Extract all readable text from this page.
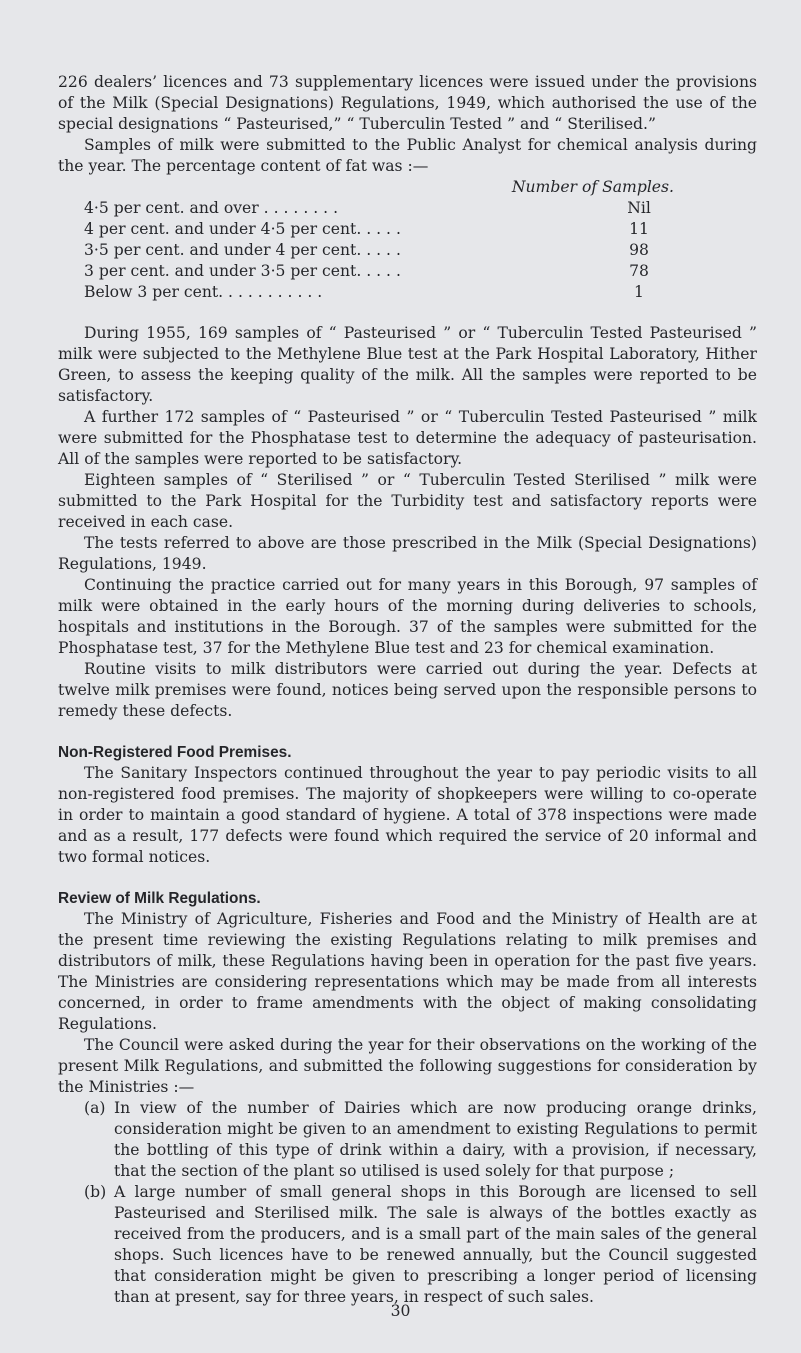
226 dealers’ licences and 73 supplementary licences were issued under the provisions of the Milk (Special Designations) Regulations, 1949, which authorised the use of the special designations “ Pasteurised,” “ Tuberculin Tested ” and “ Sterilised.”

Samples of milk were submitted to the Public Analyst for chemical analysis during the year. The percentage content of fat was :—

Number of Samples.
4·5 per cent. and over . . . . . . . .	Nil
4 per cent. and under 4·5 per cent. . . . .	11
3·5 per cent. and under 4 per cent. . . . .	98
3 per cent. and under 3·5 per cent. . . . .	78
Below 3 per cent. . . . . . . . . . .	1

During 1955, 169 samples of “ Pasteurised ” or “ Tuberculin Tested Pasteurised ” milk were subjected to the Methylene Blue test at the Park Hospital Laboratory, Hither Green, to assess the keeping quality of the milk. All the samples were reported to be satisfactory.

A further 172 samples of “ Pasteurised ” or “ Tuberculin Tested Pasteurised ” milk were submitted for the Phosphatase test to determine the adequacy of pasteurisation. All of the samples were reported to be satisfactory.

Eighteen samples of “ Sterilised ” or “ Tuberculin Tested Sterilised ” milk were submitted to the Park Hospital for the Turbidity test and satisfactory reports were received in each case.

The tests referred to above are those prescribed in the Milk (Special Designations) Regulations, 1949.

Continuing the practice carried out for many years in this Borough, 97 samples of milk were obtained in the early hours of the morning during deliveries to schools, hospitals and institutions in the Borough. 37 of the samples were submitted for the Phosphatase test, 37 for the Methylene Blue test and 23 for chemical examination.

Routine visits to milk distributors were carried out during the year. Defects at twelve milk premises were found, notices being served upon the responsible persons to remedy these defects.

Non-Registered Food Premises.

The Sanitary Inspectors continued throughout the year to pay periodic visits to all non-registered food premises. The majority of shopkeepers were willing to co-operate in order to maintain a good standard of hygiene. A total of 378 inspections were made and as a result, 177 defects were found which required the service of 20 informal and two formal notices.

Review of Milk Regulations.

The Ministry of Agriculture, Fisheries and Food and the Ministry of Health are at the present time reviewing the existing Regulations relating to milk premises and distributors of milk, these Regulations having been in operation for the past five years. The Ministries are considering representations which may be made from all interests concerned, in order to frame amendments with the object of making consolidating Regulations.

The Council were asked during the year for their observations on the working of the present Milk Regulations, and submitted the following suggestions for consideration by the Ministries :—

(a) In view of the number of Dairies which are now producing orange drinks, consideration might be given to an amendment to existing Regulations to permit the bottling of this type of drink within a dairy, with a provision, if necessary, that the section of the plant so utilised is used solely for that purpose ;
(b) A large number of small general shops in this Borough are licensed to sell Pasteurised and Sterilised milk. The sale is always of the bottles exactly as received from the producers, and is a small part of the main sales of the general shops. Such licences have to be renewed annually, but the Council suggested that consideration might be given to prescribing a longer period of licensing than at present, say for three years, in respect of such sales.
30
